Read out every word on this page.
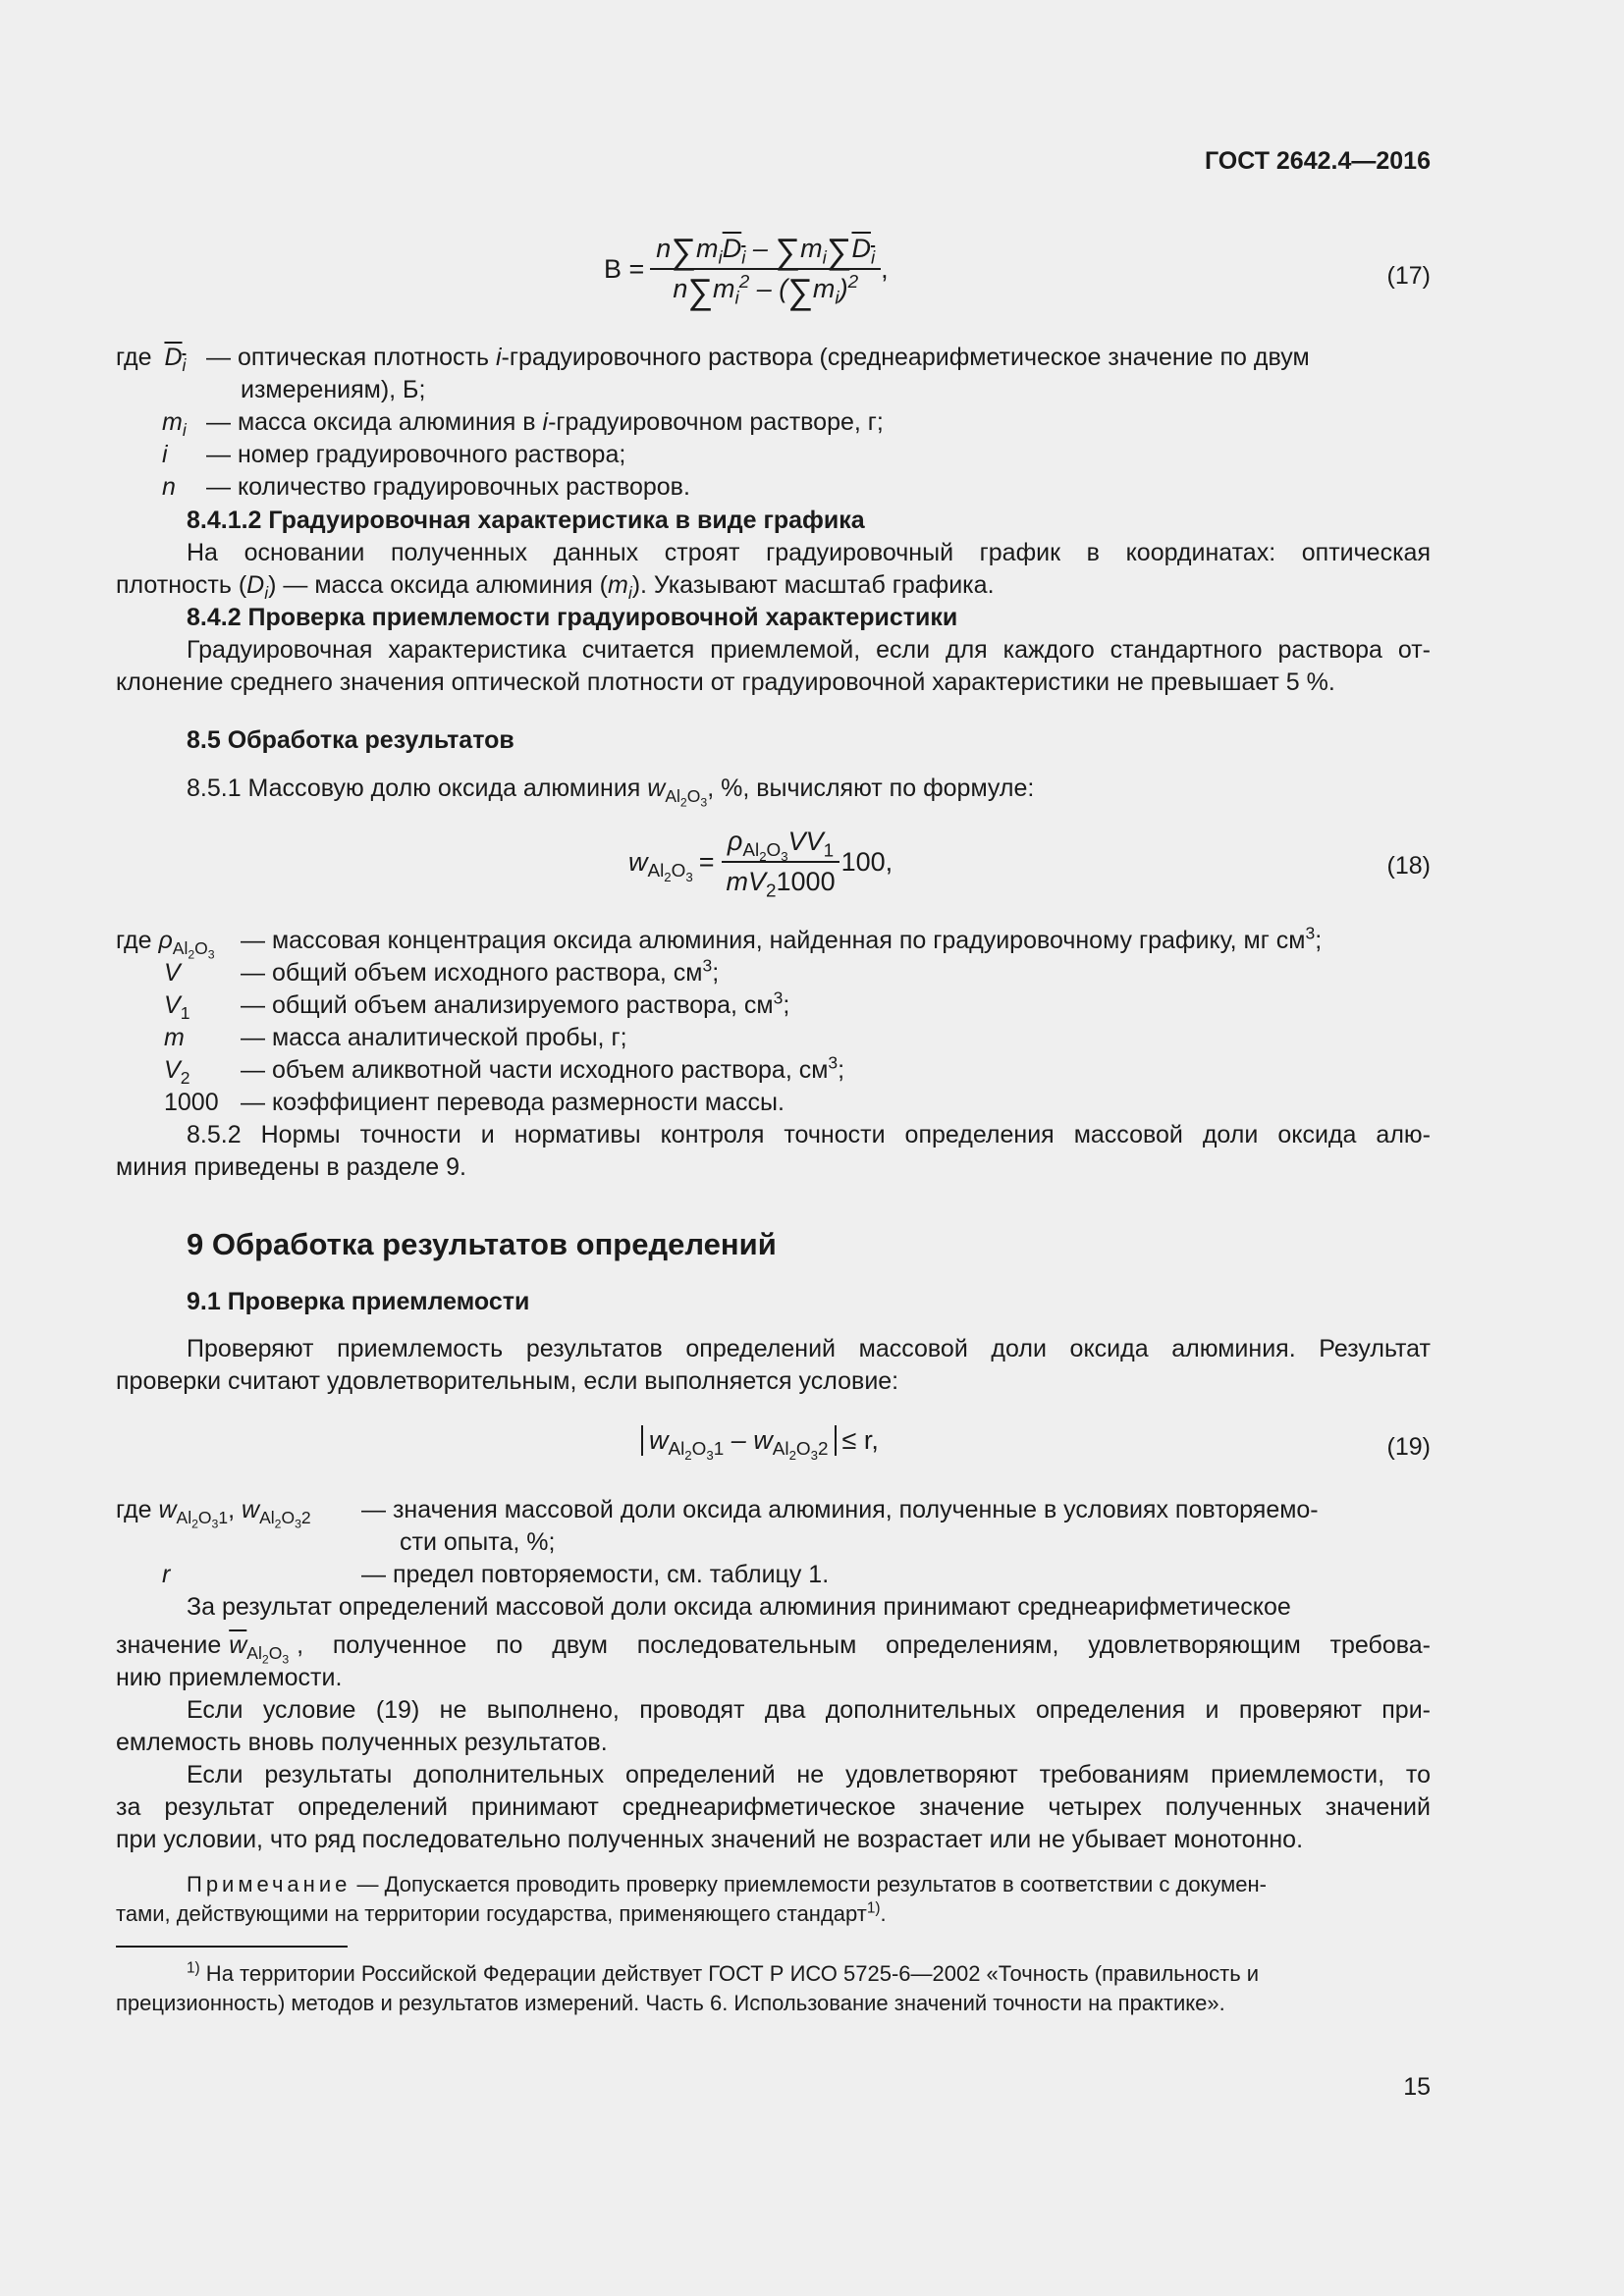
ГОСТ 2642.4—2016
$B = \frac{n\sum m_iD_i - \sum m_i\sum D_i}{n\sum m_i^2 - (\sum m_i)^2}$ ,	(17)
где $D_i$ — оптическая плотность i-градуировочного раствора (среднеарифметическое значение по двум
измерениям), Б;
$m_i$ — масса оксида алюминия в i-градуировочном растворе, г;
i — номер градуировочного раствора;
n — количество градуировочных растворов.
8.4.1.2 Градуировочная характеристика в виде графика
На основании полученных данных строят градуировочный график в координатах: оптическая
плотность $(D_i)$ — масса оксида алюминия $(m_i)$. Указывают масштаб графика.
8.4.2 Проверка приемлемости градуировочной характеристики
Градуировочная характеристика считается приемлемой, если для каждого стандартного раствора от-
клонение среднего значения оптической плотности от градуировочной характеристики не превышает 5 %.
8.5 Обработка результатов
8.5.1 Массовую долю оксида алюминия $w_{Al_2O_3}$, %, вычисляют по формуле:
$w_{Al_2O_3}$
= $\frac{\rho_{Al_2O_3}VV_1}{mV_21000} 100$,	(18)
где $\rho_{Al_2O_3}$
— массовая концентрация оксида алюминия, найденная по градуировочному графику, мг $см^3$;
V — общий объем исходного раствора, $см^3$;
$V_1$ — общий объем анализируемого раствора, $см^3$;
m — масса аналитической пробы, г;
$V_2$ — объем аликвотной части исходного раствора, $см^3$;
1000 — коэффициент перевода размерности массы.
8.5.2 Нормы точности и нормативы контроля точности определения массовой доли оксида алю-
миния приведены в разделе 9.
9 Обработка результатов определений
9.1 Проверка приемлемости
Проверяют приемлемость результатов определений массовой доли оксида алюминия. Результат
проверки считают удовлетворительным, если выполняется условие:
$w_{Al_2O_31} - w_{Al_2O_32} \le r$,	(19)
где $w_{Al_2O_31}$, $w_{Al_2O_32}$ — значения массовой доли оксида алюминия, полученные в условиях повторяемо-
сти опыта, %;
r	— предел повторяемости, см. таблицу 1.
За результат определений массовой доли оксида алюминия принимают среднеарифметическое
значение $\overline{w}_{Al_2O_3}$
, полученное по двум последовательным определениям, удовлетворяющим требова-
нию приемлемости.
Если условие (19) не выполнено, проводят два дополнительных определения и проверяют при-
емлемость вновь полученных результатов.
Если результаты дополнительных определений не удовлетворяют требованиям приемлемости, то
за результат определений принимают среднеарифметическое значение четырех полученных значений
при условии, что ряд последовательно полученных значений не возрастает или не убывает монотонно.
Примечание — Допускается проводить проверку приемлемости результатов в соответствии с докумен-
тами, действующими на территории государства, применяющего стандарт$^{1)}$.
$^{1)}$ На территории Российской Федерации действует ГОСТ Р ИСО 5725-6—2002 «Точность (правильность и
прецизионность) методов и результатов измерений. Часть 6. Использование значений точности на практике».
15
